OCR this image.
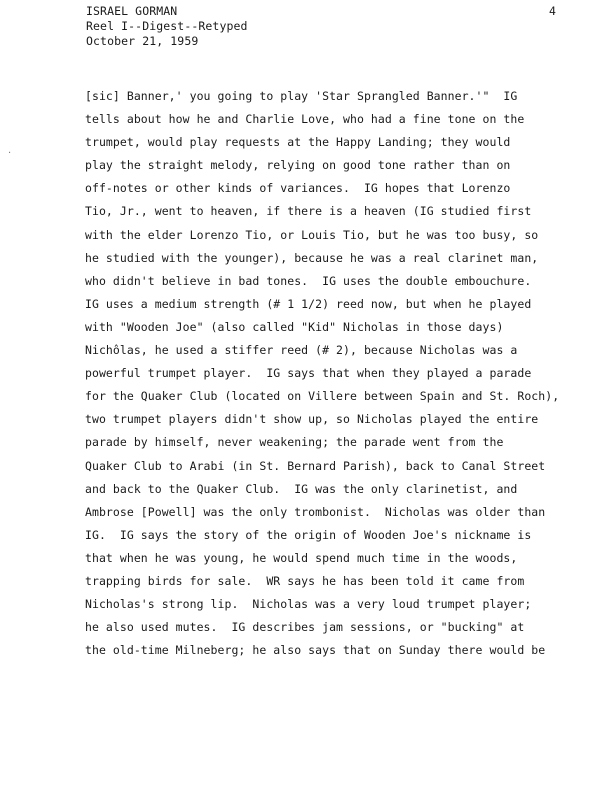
·
ISRAEL GORMAN
Reel I--Digest--Retyped
October 21, 1959
4
[sic] Banner,' you going to play 'Star Sprangled Banner.'"  IG
tells about how he and Charlie Love, who had a fine tone on the
trumpet, would play requests at the Happy Landing; they would
play the straight melody, relying on good tone rather than on
off-notes or other kinds of variances.  IG hopes that Lorenzo
Tio, Jr., went to heaven, if there is a heaven (IG studied first
with the elder Lorenzo Tio, or Louis Tio, but he was too busy, so
he studied with the younger), because he was a real clarinet man,
who didn't believe in bad tones.  IG uses the double embouchure.
IG uses a medium strength (# 1 1/2) reed now, but when he played
with "Wooden Joe" (also called "Kid" Nicholas in those days)
Nichôlas, he used a stiffer reed (# 2), because Nicholas was a
powerful trumpet player.  IG says that when they played a parade
for the Quaker Club (located on Villere between Spain and St. Roch),
two trumpet players didn't show up, so Nicholas played the entire
parade by himself, never weakening; the parade went from the
Quaker Club to Arabi (in St. Bernard Parish), back to Canal Street
and back to the Quaker Club.  IG was the only clarinetist, and
Ambrose [Powell] was the only trombonist.  Nicholas was older than
IG.  IG says the story of the origin of Wooden Joe's nickname is
that when he was young, he would spend much time in the woods,
trapping birds for sale.  WR says he has been told it came from
Nicholas's strong lip.  Nicholas was a very loud trumpet player;
he also used mutes.  IG describes jam sessions, or "bucking" at
the old-time Milneberg; he also says that on Sunday there would be
